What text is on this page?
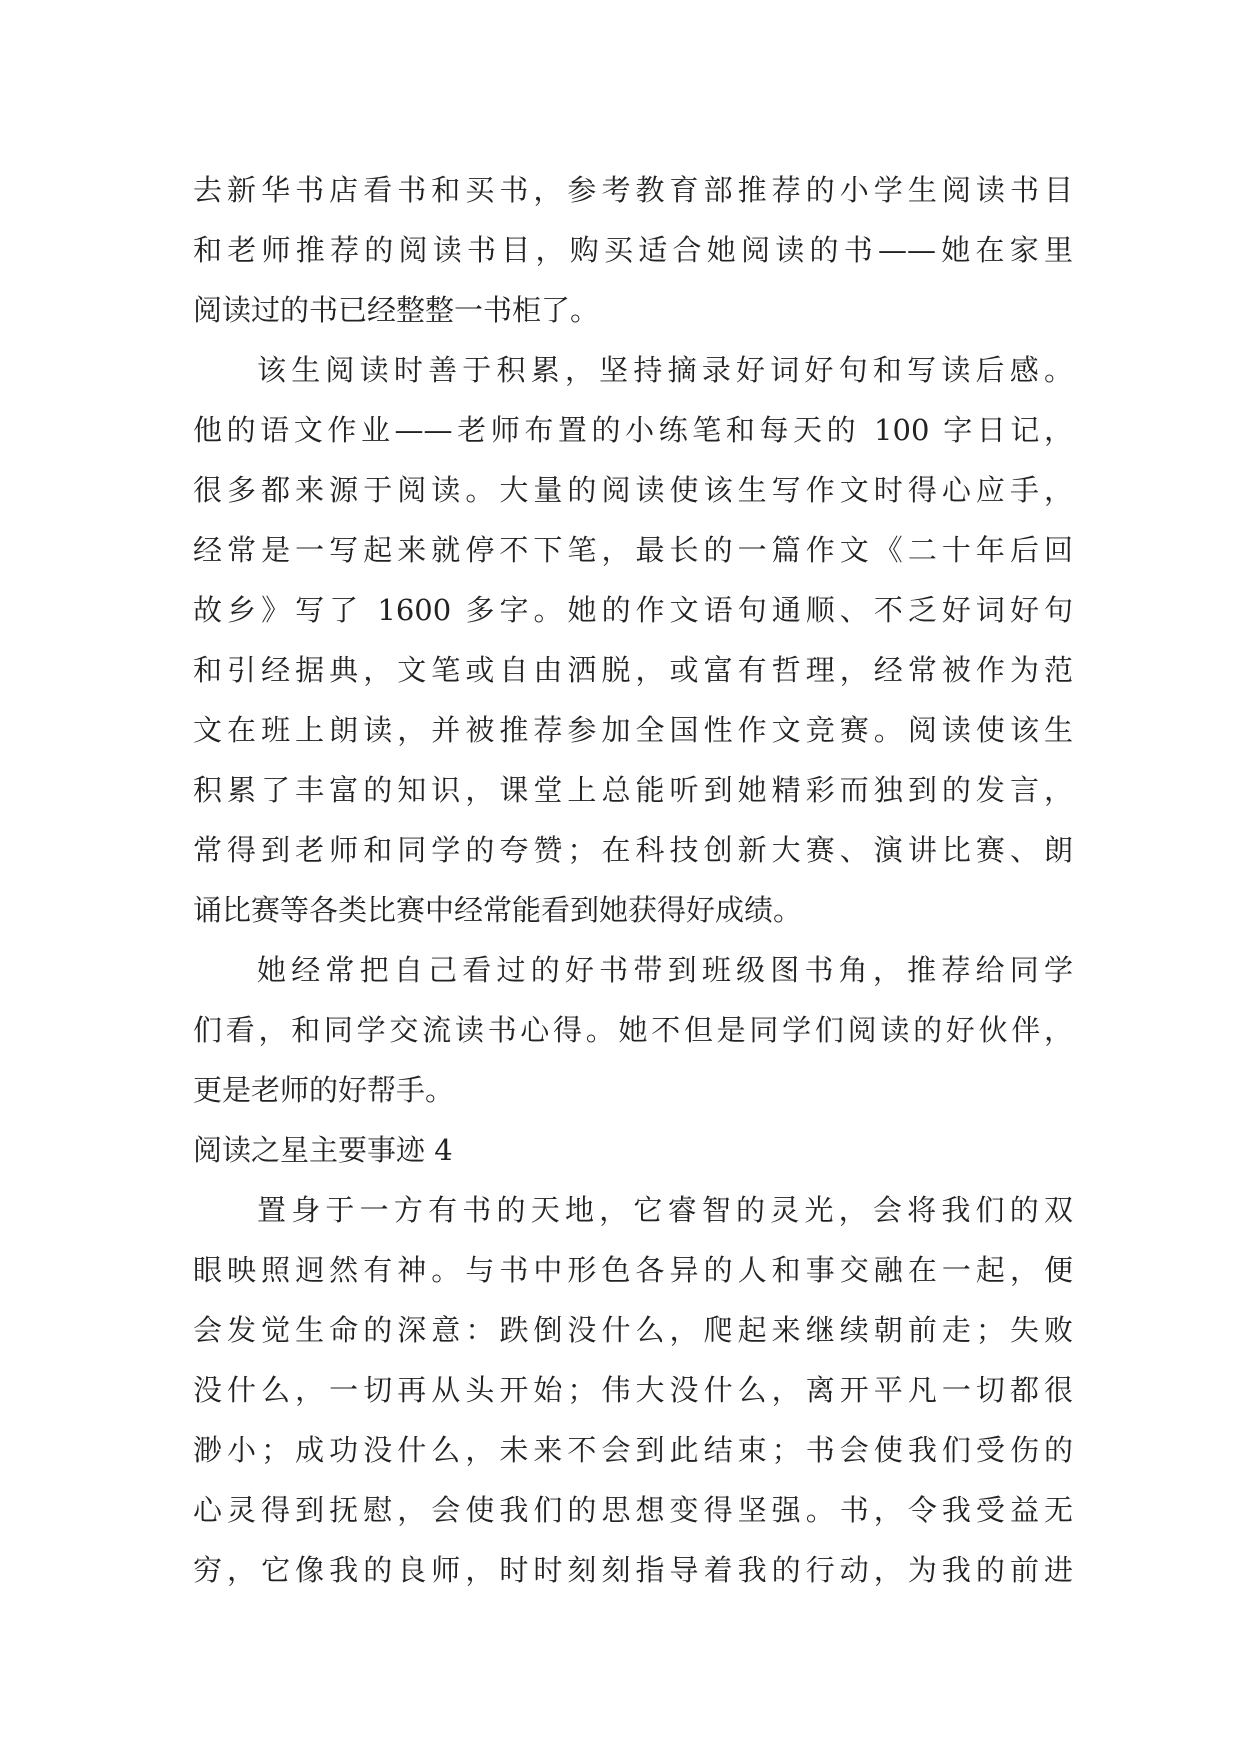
去新华书店看书和买书，参考教育部推荐的小学生阅读书目
和老师推荐的阅读书目，购买适合她阅读的书——她在家里
阅读过的书已经整整一书柜了。
该生阅读时善于积累，坚持摘录好词好句和写读后感。
他的语文作业——老师布置的小练笔和每天的 100 字日记，
很多都来源于阅读。大量的阅读使该生写作文时得心应手，
经常是一写起来就停不下笔，最长的一篇作文《二十年后回
故乡》写了 1600 多字。她的作文语句通顺、不乏好词好句
和引经据典，文笔或自由洒脱，或富有哲理，经常被作为范
文在班上朗读，并被推荐参加全国性作文竞赛。阅读使该生
积累了丰富的知识，课堂上总能听到她精彩而独到的发言，
常得到老师和同学的夸赞；在科技创新大赛、演讲比赛、朗
诵比赛等各类比赛中经常能看到她获得好成绩。
她经常把自己看过的好书带到班级图书角，推荐给同学
们看，和同学交流读书心得。她不但是同学们阅读的好伙伴，
更是老师的好帮手。
阅读之星主要事迹 4
置身于一方有书的天地，它睿智的灵光，会将我们的双
眼映照迥然有神。与书中形色各异的人和事交融在一起，便
会发觉生命的深意：跌倒没什么，爬起来继续朝前走；失败
没什么，一切再从头开始；伟大没什么，离开平凡一切都很
渺小；成功没什么，未来不会到此结束；书会使我们受伤的
心灵得到抚慰，会使我们的思想变得坚强。书，令我受益无
穷，它像我的良师，时时刻刻指导着我的行动，为我的前进
